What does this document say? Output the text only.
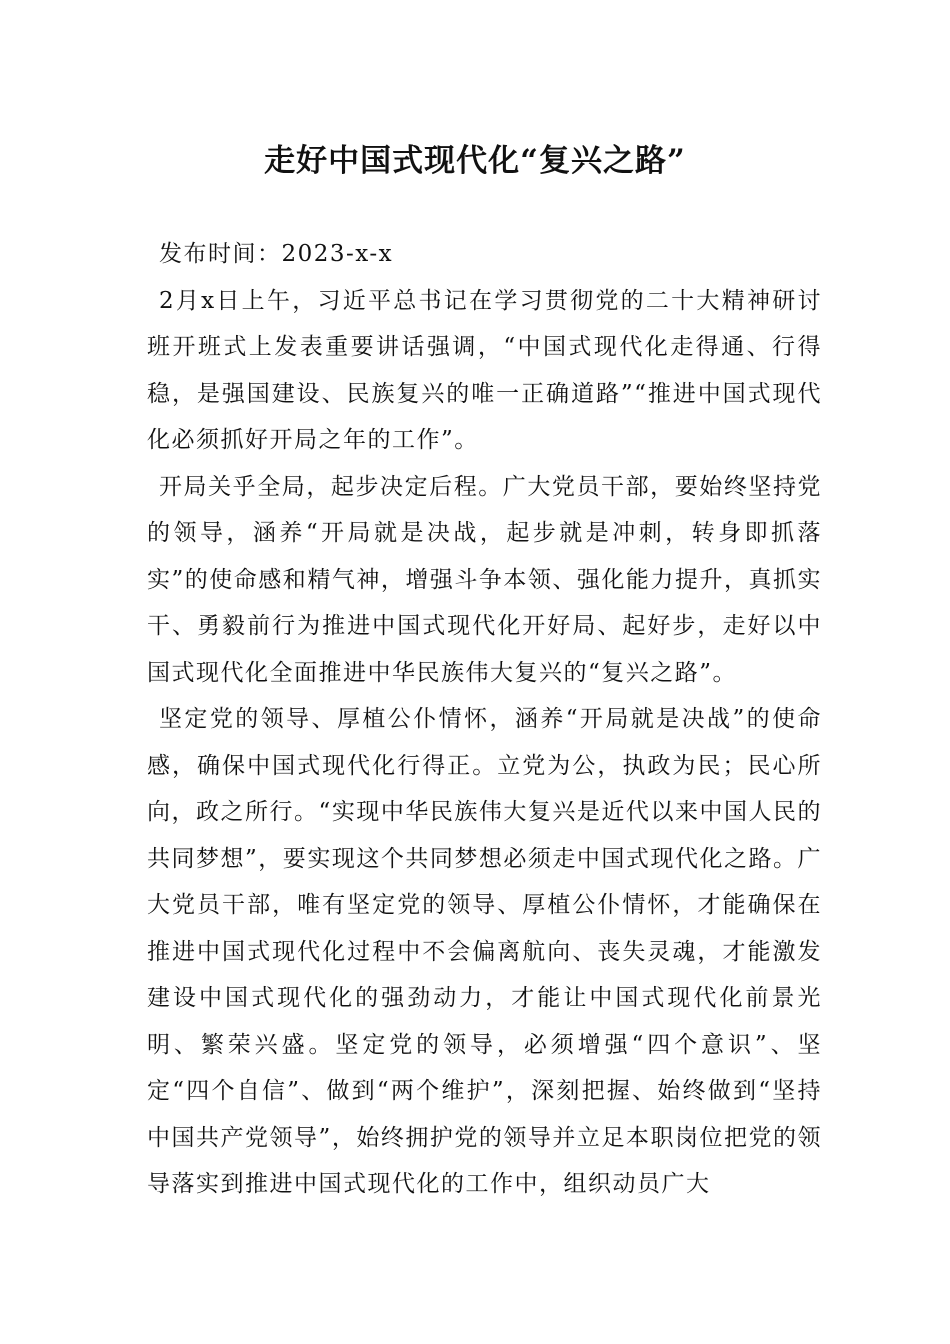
走好中国式现代化“复兴之路”

发布时间：2023-x-x

2月x日上午，习近平总书记在学习贯彻党的二十大精神研讨班开班式上发表重要讲话强调，“中国式现代化走得通、行得稳，是强国建设、民族复兴的唯一正确道路”“推进中国式现代化必须抓好开局之年的工作”。

开局关乎全局，起步决定后程。广大党员干部，要始终坚持党的领导，涵养“开局就是决战，起步就是冲刺，转身即抓落实”的使命感和精气神，增强斗争本领、强化能力提升，真抓实干、勇毅前行为推进中国式现代化开好局、起好步，走好以中国式现代化全面推进中华民族伟大复兴的“复兴之路”。

坚定党的领导、厚植公仆情怀，涵养“开局就是决战”的使命感，确保中国式现代化行得正。立党为公，执政为民；民心所向，政之所行。“实现中华民族伟大复兴是近代以来中国人民的共同梦想”，要实现这个共同梦想必须走中国式现代化之路。广大党员干部，唯有坚定党的领导、厚植公仆情怀，才能确保在推进中国式现代化过程中不会偏离航向、丧失灵魂，才能激发建设中国式现代化的强劲动力，才能让中国式现代化前景光明、繁荣兴盛。坚定党的领导，必须增强“四个意识”、坚定“四个自信”、做到“两个维护”，深刻把握、始终做到“坚持中国共产党领导”，始终拥护党的领导并立足本职岗位把党的领导落实到推进中国式现代化的工作中，组织动员广大
